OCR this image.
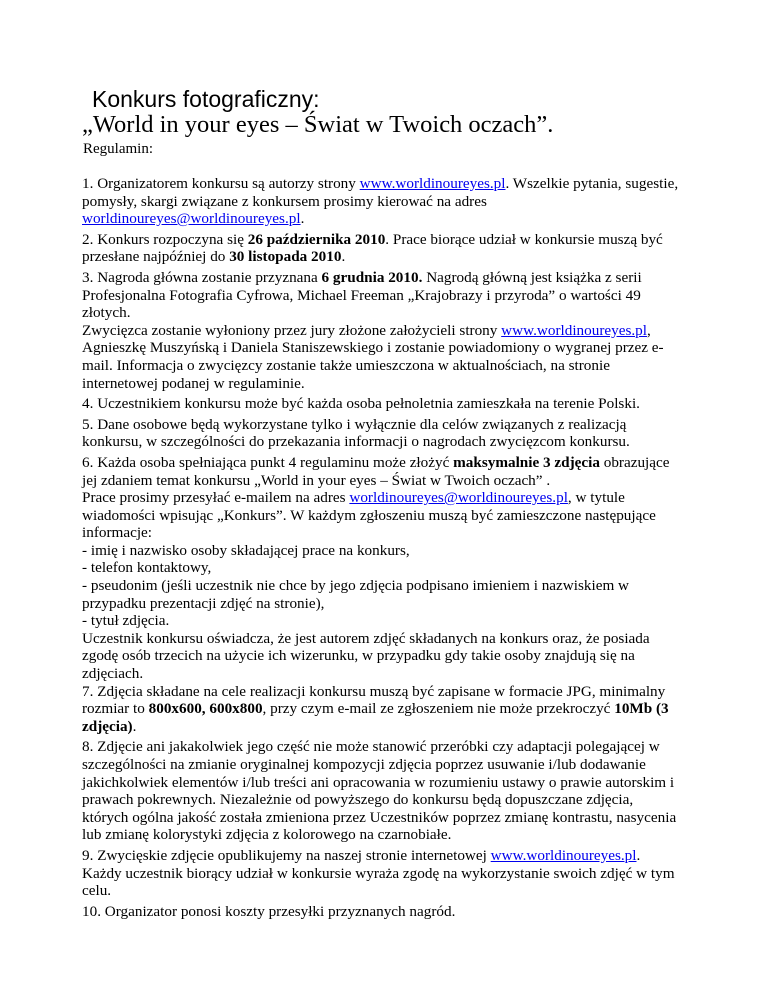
Konkurs fotograficzny:
„World in your eyes – Świat w Twoich oczach”.
Regulamin:

1. Organizatorem konkursu są autorzy strony www.worldinoureyes.pl. Wszelkie pytania, sugestie, pomysły, skargi związane z konkursem prosimy kierować na adres worldinoureyes@worldinoureyes.pl.

2. Konkurs rozpoczyna się 26 października 2010. Prace biorące udział w konkursie muszą być przesłane najpóźniej do 30 listopada 2010.

3. Nagroda główna zostanie przyznana 6 grudnia 2010. Nagrodą główną jest książka z serii Profesjonalna Fotografia Cyfrowa, Michael Freeman „Krajobrazy i przyroda” o wartości 49 złotych.

Zwycięzca zostanie wyłoniony przez jury złożone założycieli strony www.worldinoureyes.pl, Agnieszkę Muszyńską i Daniela Staniszewskiego i zostanie powiadomiony o wygranej przez e-mail. Informacja o zwycięzcy zostanie także umieszczona w aktualnościach, na stronie internetowej podanej w regulaminie.

4. Uczestnikiem konkursu może być każda osoba pełnoletnia zamieszkała na terenie Polski.

5. Dane osobowe będą wykorzystane tylko i wyłącznie dla celów związanych z realizacją konkursu, w szczególności do przekazania informacji o nagrodach zwycięzcom konkursu.

6. Każda osoba spełniająca punkt 4 regulaminu może złożyć maksymalnie 3 zdjęcia obrazujące jej zdaniem temat konkursu „World in your eyes – Świat w Twoich oczach” .
Prace prosimy przesyłać e-mailem na adres worldinoureyes@worldinoureyes.pl, w tytule wiadomości wpisując „Konkurs”. W każdym zgłoszeniu muszą być zamieszczone następujące informacje:
- imię i nazwisko osoby składającej prace na konkurs,
- telefon kontaktowy,
- pseudonim (jeśli uczestnik nie chce by jego zdjęcia podpisano imieniem i nazwiskiem w przypadku prezentacji zdjęć na stronie),
- tytuł zdjęcia.
Uczestnik konkursu oświadcza, że jest autorem zdjęć składanych na konkurs oraz, że posiada zgodę osób trzecich na użycie ich wizerunku, w przypadku gdy takie osoby znajdują się na zdjęciach.

7. Zdjęcia składane na cele realizacji konkursu muszą być zapisane w formacie JPG, minimalny rozmiar to 800x600, 600x800, przy czym e-mail ze zgłoszeniem nie może przekroczyć 10Mb (3 zdjęcia).

8. Zdjęcie ani jakakolwiek jego część nie może stanowić przeróbki czy adaptacji polegającej w szczególności na zmianie oryginalnej kompozycji zdjęcia poprzez usuwanie i/lub dodawanie jakichkolwiek elementów i/lub treści ani opracowania w rozumieniu ustawy o prawie autorskim i prawach pokrewnych. Niezależnie od powyższego do konkursu będą dopuszczane zdjęcia, których ogólna jakość została zmieniona przez Uczestników poprzez zmianę kontrastu, nasycenia lub zmianę kolorystyki zdjęcia z kolorowego na czarnobiałe.

9. Zwycięskie zdjęcie opublikujemy na naszej stronie internetowej www.worldinoureyes.pl. Każdy uczestnik biorący udział w konkursie wyraża zgodę na wykorzystanie swoich zdjęć w tym celu.

10. Organizator ponosi koszty przesyłki przyznanych nagród.
